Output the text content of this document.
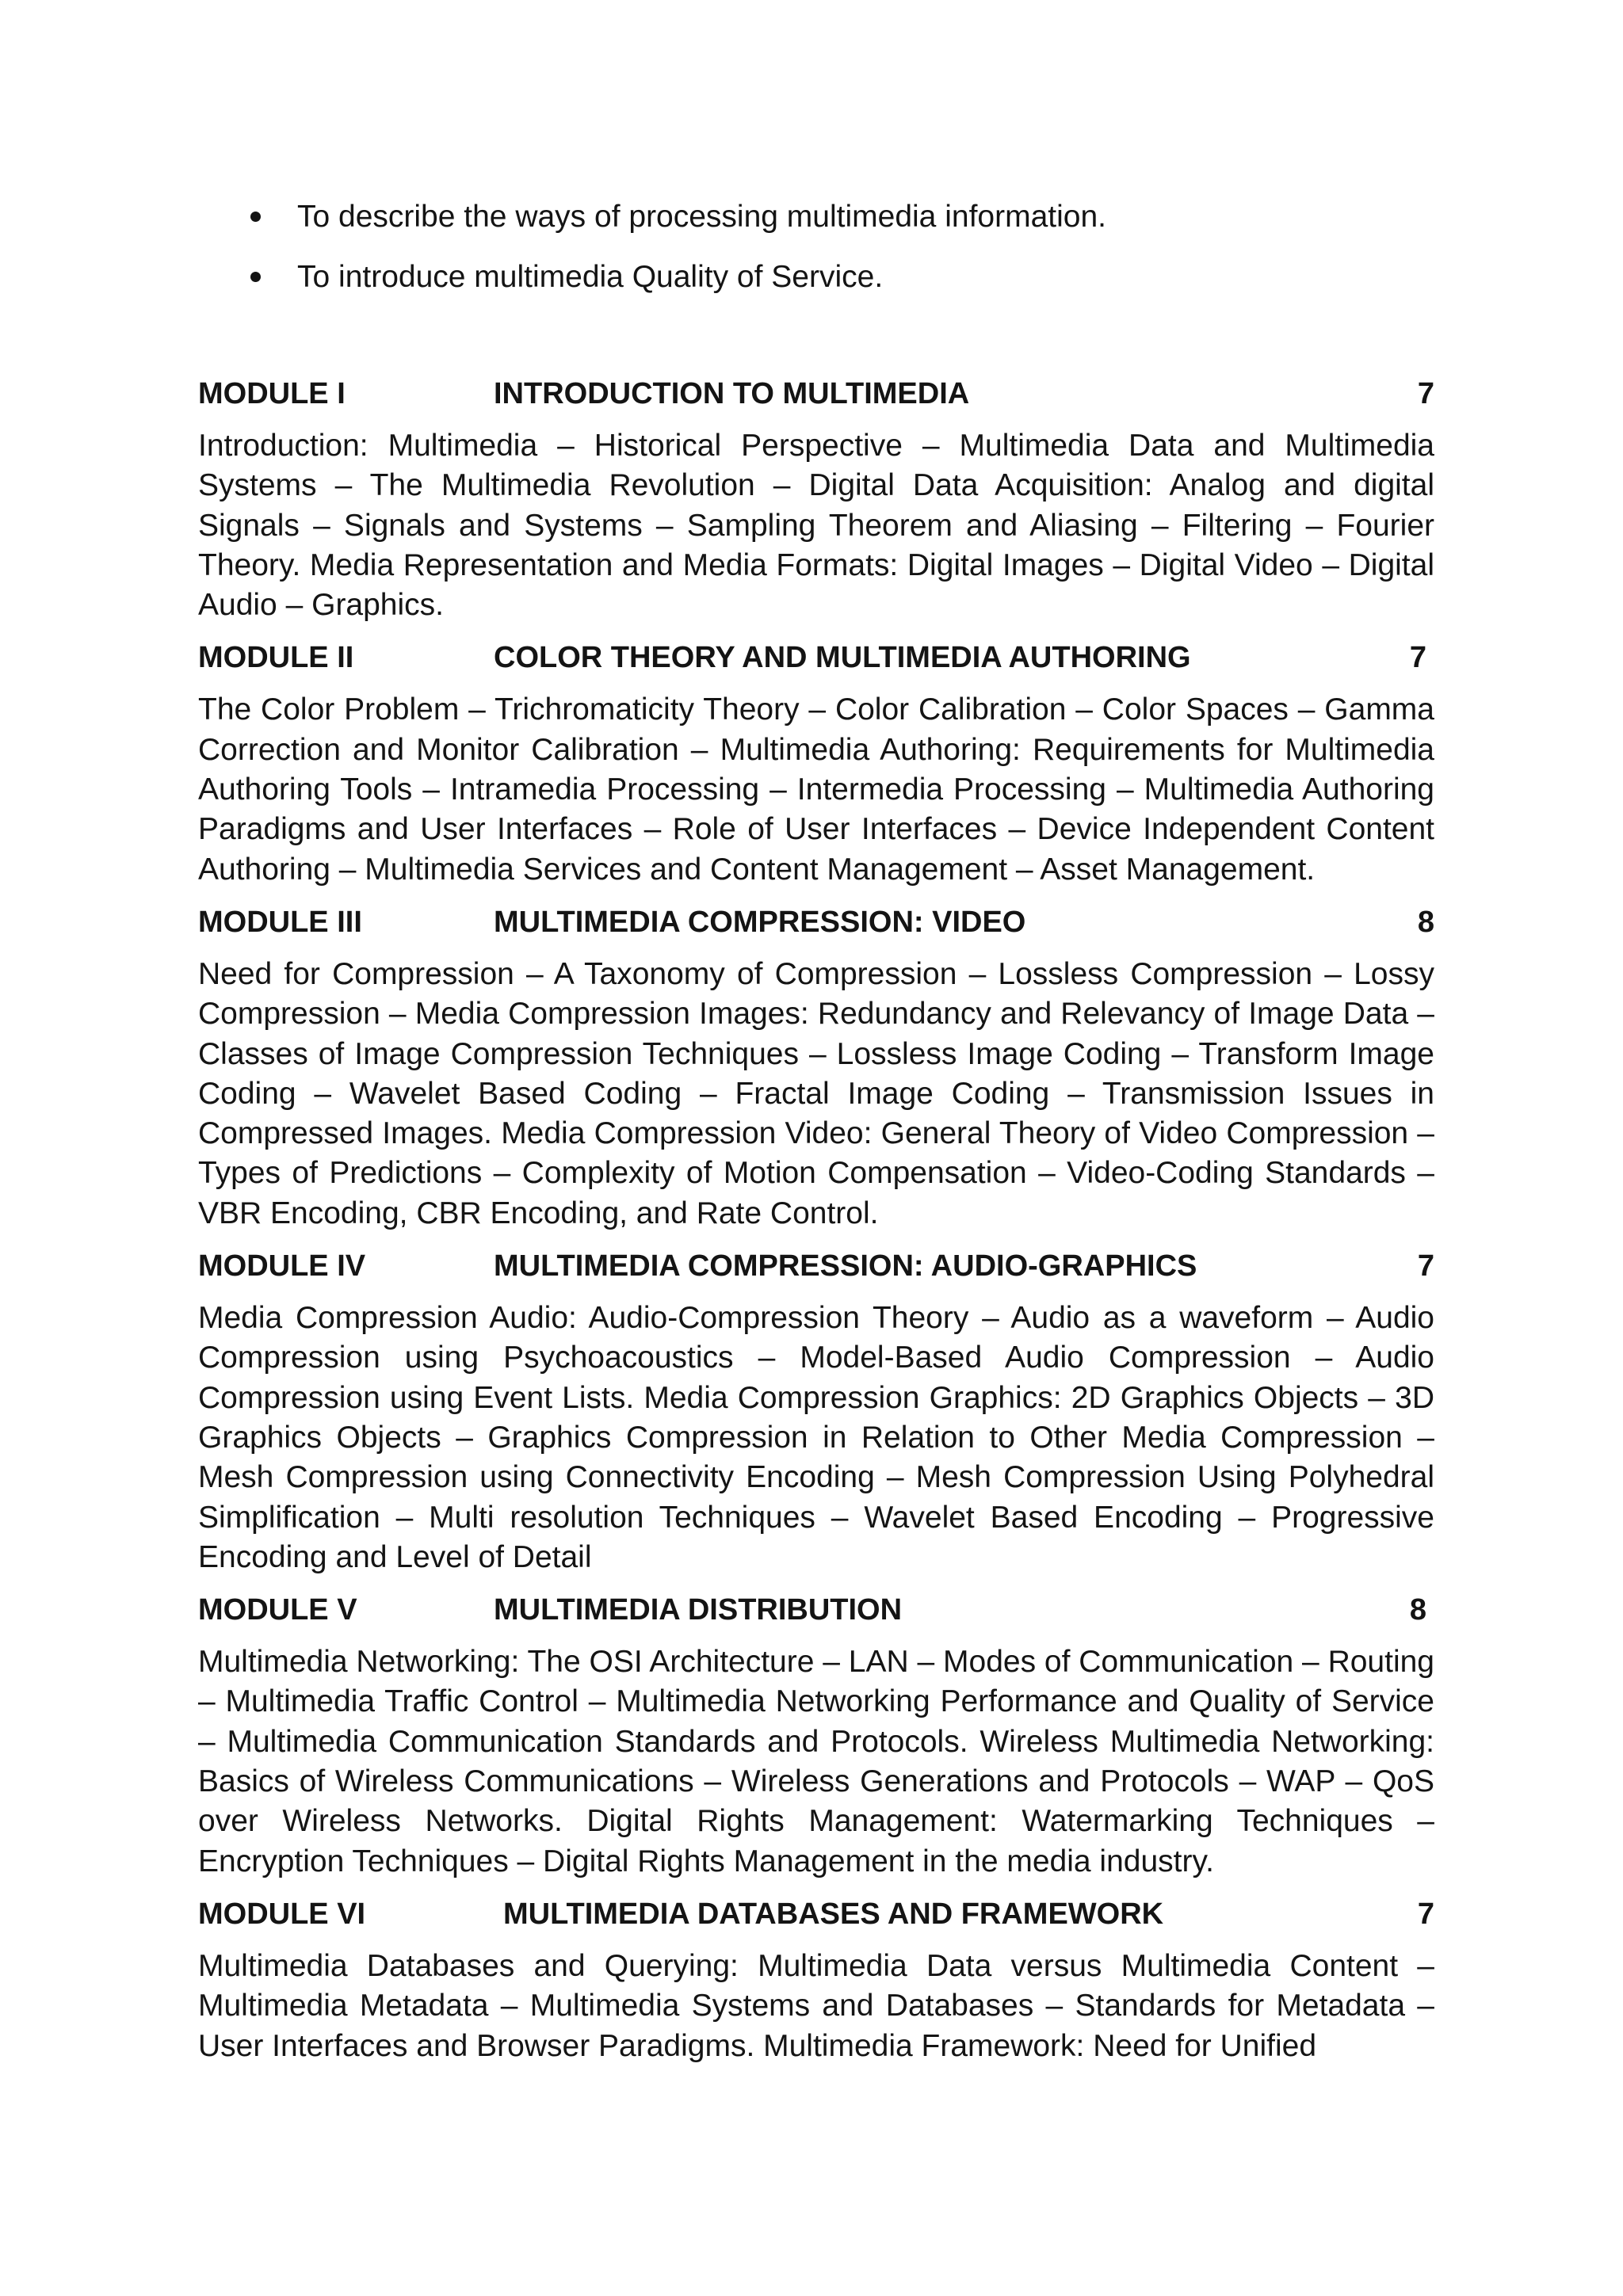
To describe the ways of processing multimedia information.
To introduce multimedia Quality of Service.
MODULE I	INTRODUCTION TO MULTIMEDIA	7

Introduction: Multimedia – Historical Perspective – Multimedia Data and Multimedia Systems – The Multimedia Revolution – Digital Data Acquisition: Analog and digital Signals – Signals and Systems – Sampling Theorem and Aliasing – Filtering – Fourier Theory. Media Representation and Media Formats: Digital Images – Digital Video – Digital Audio – Graphics.

MODULE II	COLOR THEORY AND MULTIMEDIA AUTHORING	7

The Color Problem – Trichromaticity Theory – Color Calibration – Color Spaces – Gamma Correction and Monitor Calibration – Multimedia Authoring: Requirements for Multimedia Authoring Tools – Intramedia Processing – Intermedia Processing – Multimedia Authoring Paradigms and User Interfaces – Role of User Interfaces – Device Independent Content Authoring – Multimedia Services and Content Management – Asset Management.

MODULE III	MULTIMEDIA COMPRESSION: VIDEO	8

Need for Compression – A Taxonomy of Compression – Lossless Compression – Lossy Compression – Media Compression Images: Redundancy and Relevancy of Image Data – Classes of Image Compression Techniques – Lossless Image Coding – Transform Image Coding – Wavelet Based Coding – Fractal Image Coding – Transmission Issues in Compressed Images. Media Compression Video: General Theory of Video Compression – Types of Predictions – Complexity of Motion Compensation – Video-Coding Standards – VBR Encoding, CBR Encoding, and Rate Control.

MODULE IV	MULTIMEDIA COMPRESSION: AUDIO-GRAPHICS	7

Media Compression Audio: Audio-Compression Theory – Audio as a waveform – Audio Compression using Psychoacoustics – Model-Based Audio Compression – Audio Compression using Event Lists. Media Compression Graphics: 2D Graphics Objects – 3D Graphics Objects – Graphics Compression in Relation to Other Media Compression – Mesh Compression using Connectivity Encoding – Mesh Compression Using Polyhedral Simplification – Multi resolution Techniques – Wavelet Based Encoding – Progressive Encoding and Level of Detail

MODULE V	MULTIMEDIA DISTRIBUTION	8

Multimedia Networking: The OSI Architecture – LAN – Modes of Communication – Routing – Multimedia Traffic Control – Multimedia Networking Performance and Quality of Service – Multimedia Communication Standards and Protocols. Wireless Multimedia Networking: Basics of Wireless Communications – Wireless Generations and Protocols – WAP – QoS over Wireless Networks. Digital Rights Management: Watermarking Techniques – Encryption Techniques – Digital Rights Management in the media industry.

MODULE VI	MULTIMEDIA DATABASES AND FRAMEWORK	7

Multimedia Databases and Querying: Multimedia Data versus Multimedia Content – Multimedia Metadata – Multimedia Systems and Databases – Standards for Metadata – User Interfaces and Browser Paradigms. Multimedia Framework: Need for Unified
